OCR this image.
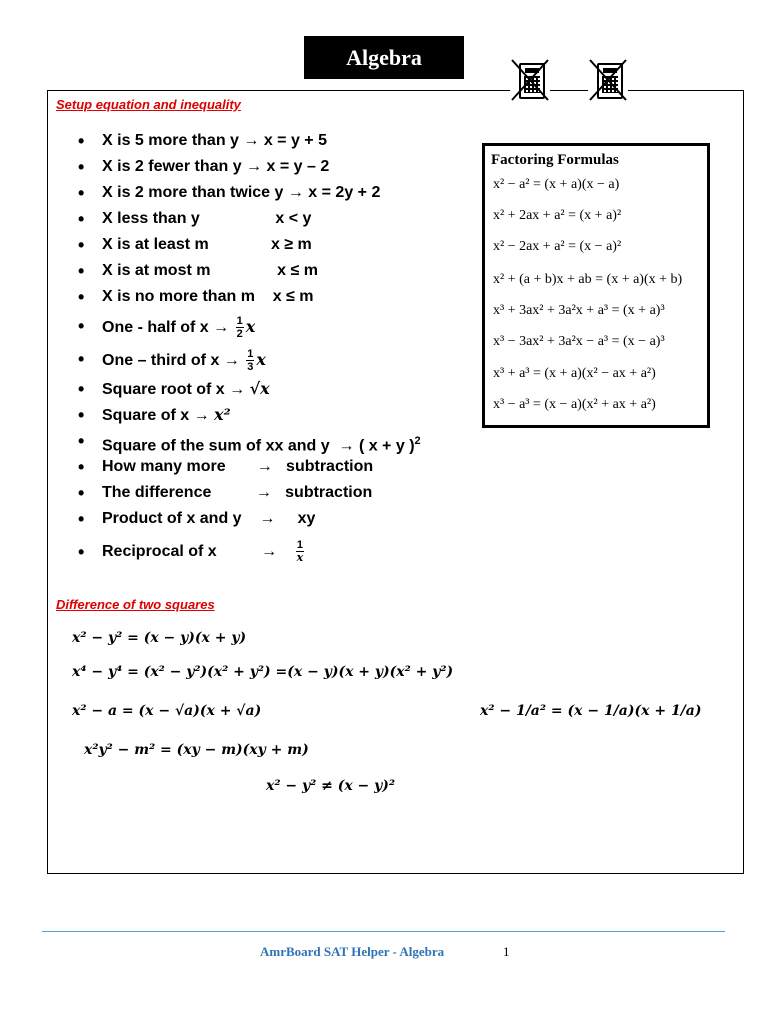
Algebra
Setup equation and inequality
• X is 5 more than y → x = y + 5
• X is 2 fewer than y → x = y – 2
• X is 2 more than twice y → x = 2y + 2
• X less than y                 x < y
• X is at least m              x ≥ m
• X is at most m               x ≤ m
• X is no more than m    x ≤ m
• One - half of $x \to \frac{1}{2}$ x
• One – third of $x \to \frac{1}{3}$ x
• Square root of x → √x
• Square of x → x²
• Square of the sum of xx and y  → ( x + y )$^2$
• How many more       →   subtraction
• The difference          →   subtraction
• Product of x and y    →     xy
• Reciprocal of x          → $\frac{1}{x}$
Factoring Formulas
x² − a² = (x + a)(x − a)
x² + 2ax + a² = (x + a)²
x² − 2ax + a² = (x − a)²
x² + (a + b)x + ab = (x + a)(x + b)
x³ + 3ax² + 3a²x + a³ = (x + a)³
x³ − 3ax² + 3a²x − a³ = (x − a)³
x³ + a³ = (x + a)(x² − ax + a²)
x³ − a³ = (x − a)(x² + ax + a²)
Difference of two squares
x² − y² = (x − y)(x + y)
x⁴ − y⁴ = (x² − y²)(x² + y²) =(x − y)(x + y)(x² + y²)
x² − a = (x − √a)(x + √a)	x² − 1/a² = (x − 1/a)(x + 1/a)
x²y² − m² = (xy − m)(xy + m)
x² − y² ≠ (x − y)²
AmrBoard SAT Helper - Algebra	1
